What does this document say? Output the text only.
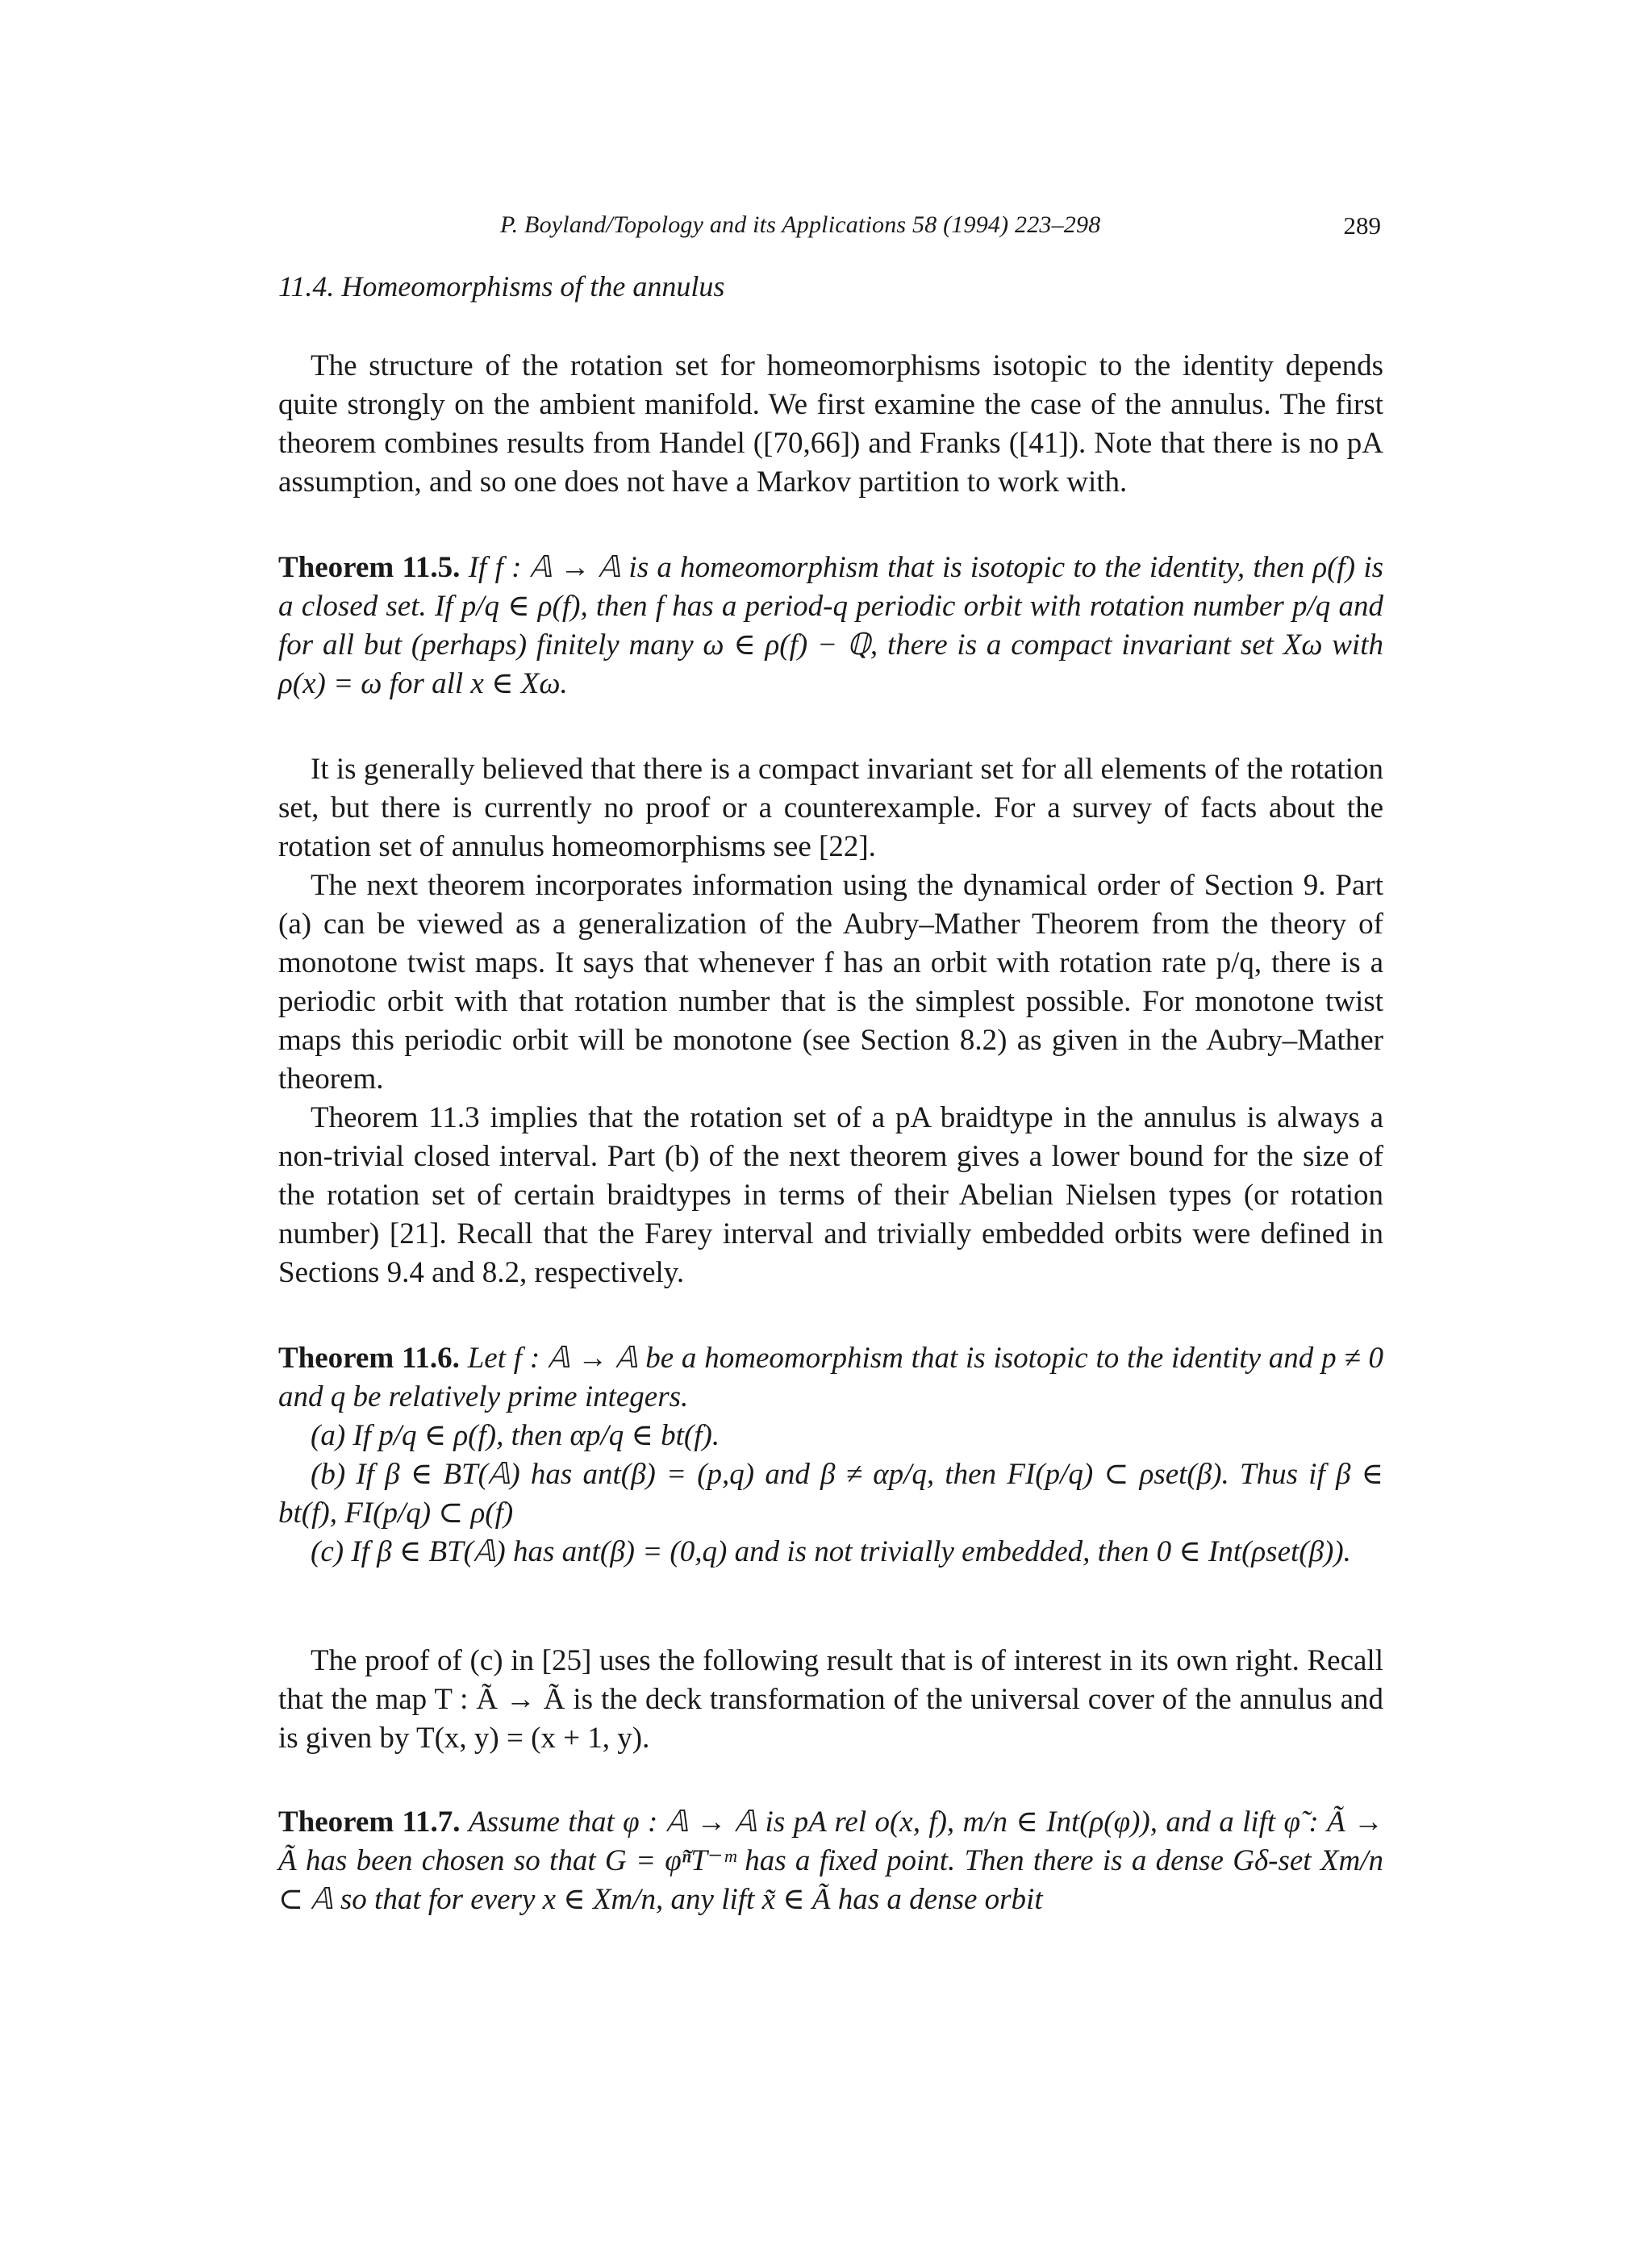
P. Boyland/Topology and its Applications 58 (1994) 223–298	289
11.4. Homeomorphisms of the annulus

The structure of the rotation set for homeomorphisms isotopic to the identity depends quite strongly on the ambient manifold. We first examine the case of the annulus. The first theorem combines results from Handel ([70,66]) and Franks ([41]). Note that there is no pA assumption, and so one does not have a Markov partition to work with.

Theorem 11.5. If f : 𝔸 → 𝔸 is a homeomorphism that is isotopic to the identity, then ρ(f) is a closed set. If p/q ∈ ρ(f), then f has a period-q periodic orbit with rotation number p/q and for all but (perhaps) finitely many ω ∈ ρ(f) − ℚ, there is a compact invariant set Xω with ρ(x) = ω for all x ∈ Xω.

It is generally believed that there is a compact invariant set for all elements of the rotation set, but there is currently no proof or a counterexample. For a survey of facts about the rotation set of annulus homeomorphisms see [22].

The next theorem incorporates information using the dynamical order of Section 9. Part (a) can be viewed as a generalization of the Aubry–Mather Theorem from the theory of monotone twist maps. It says that whenever f has an orbit with rotation rate p/q, there is a periodic orbit with that rotation number that is the simplest possible. For monotone twist maps this periodic orbit will be monotone (see Section 8.2) as given in the Aubry–Mather theorem.

Theorem 11.3 implies that the rotation set of a pA braidtype in the annulus is always a non-trivial closed interval. Part (b) of the next theorem gives a lower bound for the size of the rotation set of certain braidtypes in terms of their Abelian Nielsen types (or rotation number) [21]. Recall that the Farey interval and trivially embedded orbits were defined in Sections 9.4 and 8.2, respectively.

Theorem 11.6. Let f : 𝔸 → 𝔸 be a homeomorphism that is isotopic to the identity and p ≠ 0 and q be relatively prime integers.

(a) If p/q ∈ ρ(f), then αp/q ∈ bt(f).

(b) If β ∈ BT(𝔸) has ant(β) = (p,q) and β ≠ αp/q, then FI(p/q) ⊂ ρset(β). Thus if β ∈ bt(f), FI(p/q) ⊂ ρ(f)

(c) If β ∈ BT(𝔸) has ant(β) = (0,q) and is not trivially embedded, then 0 ∈ Int(ρset(β)).

The proof of (c) in [25] uses the following result that is of interest in its own right. Recall that the map T : Ã → Ã is the deck transformation of the universal cover of the annulus and is given by T(x, y) = (x + 1, y).

Theorem 11.7. Assume that φ : 𝔸 → 𝔸 is pA rel o(x, f), m/n ∈ Int(ρ(φ)), and a lift φ̃ : Ã → Ã has been chosen so that G = φ̃ⁿT⁻ᵐ has a fixed point. Then there is a dense Gδ-set Xm/n ⊂ 𝔸 so that for every x ∈ Xm/n, any lift x̃ ∈ Ã has a dense orbit
